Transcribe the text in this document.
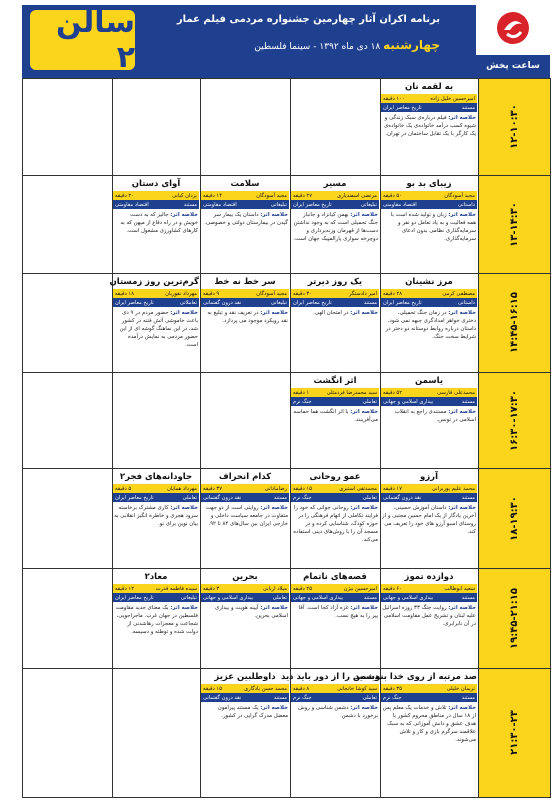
سالن ۲
برنامه اکران آثار چهارمین جشنواره مردمی فیلم عمار
چهارشنبه ۱۸ دی ماه ۱۳۹۲ - سینما فلسطین
ساعت پخش
۱۲-۱۰:۳۰
۱۳-۱۴:۳۰
۱۴:۴۵-۱۶:۱۵
۱۶:۳۰-۱۷:۳۰
۱۸-۱۹:۳۰
۱۹:۴۵-۲۱:۱۵
۲۱:۳۰-۲۳
به لقمه نان
امیرحسین خلیل زاده
۱۰۰ دقیقه
مستند
تاریخ معاصر ایران
خلاصه اثر: فیلم درباره‌ی سبک زندگی و شیوه کسب درآمد خانواده‌ی یک خانواده‌ی یک کارگر با یک تقابل ساختمان در تهران.
زیبای بد بو
مجید آسودگان
۵۰ دقیقه
داستانی
اقتصاد مقاومتی
خلاصه اثر: زبان و تولید شده است با همه فعالیت و به یاد تعامل دو نفر و سرمایه‌گذاری نظامی بدون ادعای سرمایه‌گذاری.
مسیر
مرتضی اسفندیاری
۲۷ دقیقه
تبلیغاتی
تاریخ معاصر ایران
خلاصه اثر: بهمن کیانزاد و جانباز جنگ تحمیلی است که به وجود نداشتن دست‌ها از قهرمان وزنه‌برداری و دوچرخه سواری پارالمپیک جهان است.
سلامت
مجید آسودگان
۱۴ دقیقه
تبلیغاتی
اقتصاد مقاومتی
خلاصه اثر: داستان یک بیمار سر گیدن در بیمارستان دولتی و خصوصی.
آوای دستان
یزدان کیانی
۲۰ دقیقه
مستند
اقتصاد مقاومتی
خلاصه اثر: جالیز که به دست خویش و در راه دفاع از میهن که به کارهای کشاورزی مشغول است.
مرز نشینان
مصطفی کرمی
۲۸ دقیقه
داستانی
تاریخ معاصر ایران
خلاصه اثر: در زمان جنگ تحمیلی، دختری خواهر امدادگری جبهه نمی شود. داستان درباره روابط دوستانه دو دختر در شرایط سخت جنگ.
یک روز دیرتر
امیر دادستگر
۳۰ دقیقه
مستند
تاریخ معاصر ایران
خلاصه اثر: در امتحان الهی.
سر خط نه خط
مجید آسودگان
۹ دقیقه
تبلیغاتی
نقد درون گفتمانی
خلاصه اثر: در تعریف نقد و تبلیغ به نقد رویکرد موجود می پردازد.
گرم‌ترین روز زمستان
مهرداد نفوریان
۱۸ دقیقه
تعاملاتی
تاریخ معاصر ایران
خلاصه اثر: حضور مردم در ۹ دی باعث خاموشی آتش فتنه در کشور شد، در این نماهنگ گوشه ای از این حضور مردمی به نمایش درآمده است.
یاسمن
محمدعلی فارسی
۵۲ دقیقه
مستند
بیداری اسلامی و جهانی
خلاصه اثر: مستندی راجع به انقلاب اسلامی در تونس.
اثر انگشت
سید محمدرضا فردمثلی
۱ دقیقه
تعاملی
جنگ نرم
خلاصه اثر: با اثر انگشت هما حماسه می‌آفرینند.
آرزو
محمد علیم پوربرانی
۱۷ دقیقه
مستند
نقد درون گفتمانی
خلاصه اثر: داستان آموزش حسینی، آخرین یادگار از یک امام حسین مجتبی و از روستای اسبو آرزو های خود را تعریف می کند.
عمو روحانی
محمدتقی استیری
۱۵ دقیقه
تعاملی
جنگ نرم
خلاصه اثر: روحانی جوانی که خود را فرایند تکاملی از اتهام فرهنگی را در حوزه کودک، شناسایی کرده و در مسجد آن را با روش‌های دینی استفاده می‌کند.
کدام انحراف
رضامادانی
۳۷ دقیقه
مستند
نقد درون گفتمانی
خلاصه اثر: روایتی است از دو جهت متفاوت در جامعه سیاست داخلی و خارجی ایران بین سال‌های ۸۴ تا ۹۲.
جاودانه‌های فجر۲
مهرداد همایان
۵ دقیقه
تعاملی
تاریخ معاصر ایران
خلاصه اثر: کاری مشترک برخاسته سرود هجری و خاطره انگیز انقلابی به بیان نوین برای نو.
دوازده تموز
سعید ابوطالب
۶۰ دقیقه
مستند
بیداری اسلامی و جهانی
خلاصه اثر: روایت جنگ ۳۳ روزه اسرائیل علیه لبنان و تشریح عمل مقاومت اسلامی در آن نابرابری.
قصه‌های ناتمام
امیرحسین بیژن
۲۵ دقیقه
مستند
بیداری اسلامی و جهانی
خلاصه اثر: غزه آزاد کجا است. آقا پیر را به هیچ نسب.
بحرین
میلاد اربابی
۳ دقیقه
تعاملی
بیداری اسلامی و جهانی
خلاصه اثر: آیینه هویت و بیداری اسلامی بحرین.
معاد۲
سیده فاطمه قدرت
۱۲ دقیقه
تبلیغاتی
تاریخ معاصر ایران
خلاصه اثر: یک معنای جدید مقاومت فلسطین در جهان غرب. ماجراجویی، شجاعت و معجزات رهاشدنی از دولت شده و توطئه و دسیسه.
صد مرتبه از روی خدا بنویسید
تریمان خلیلی
۳۵ دقیقه
مستند
جنگ نرم
خلاصه اثر: تلاش و خدمات یک معلم پس از ۱۸ سال در مناطق محروم کشور با هدف عشق و دانش آموزانی که به سبک علاقمند سرگرم بازی و کار و تلاش می‌شوند.
دشمن را از دور باید دید
سید کوشا خانجانی
۸ دقیقه
تعاملی
جنگ نرم
خلاصه اثر: دشمن شناسی و روش برخورد با دشمن.
داوطلبین عزیز
محمد حسن یادگاری
۱۵ دقیقه
مستند
نقد درون گفتمانی
خلاصه اثر: یک مستند پیرامون معضل مدرک گرایی در کشور.
